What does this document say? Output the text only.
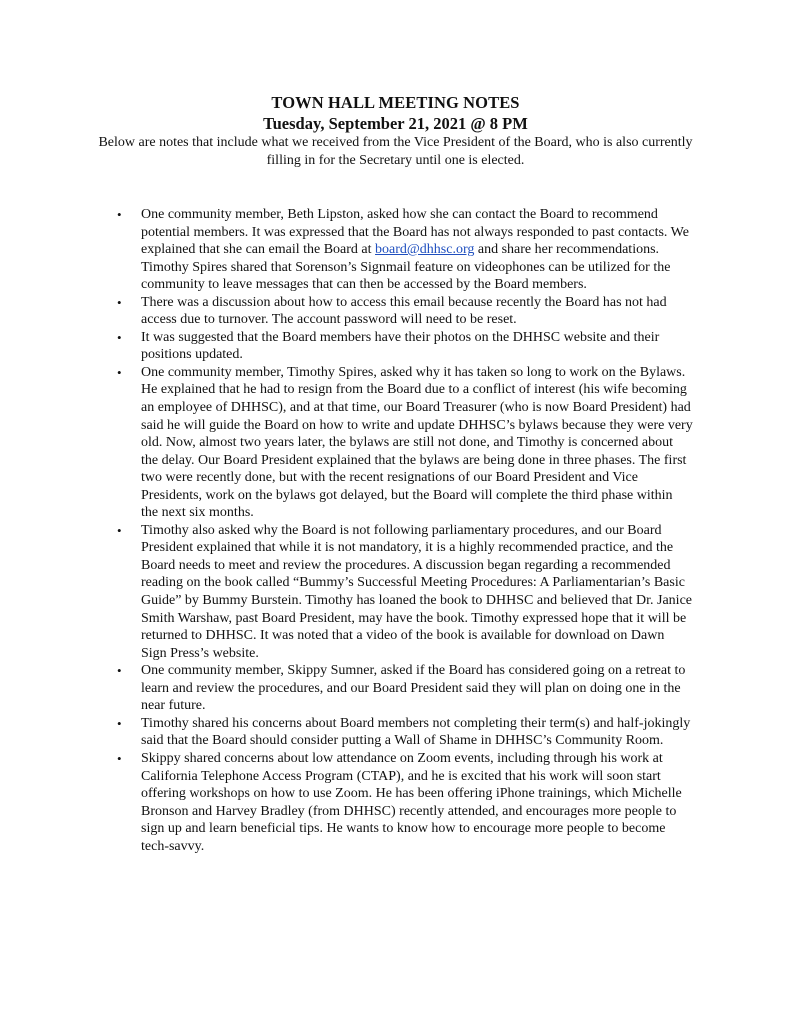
TOWN HALL MEETING NOTES
Tuesday, September 21, 2021 @ 8 PM
Below are notes that include what we received from the Vice President of the Board, who is also currently filling in for the Secretary until one is elected.
• One community member, Beth Lipston, asked how she can contact the Board to recommend potential members. It was expressed that the Board has not always responded to past contacts. We explained that she can email the Board at board@dhhsc.org and share her recommendations. Timothy Spires shared that Sorenson’s Signmail feature on videophones can be utilized for the community to leave messages that can then be accessed by the Board members.
• There was a discussion about how to access this email because recently the Board has not had access due to turnover. The account password will need to be reset.
• It was suggested that the Board members have their photos on the DHHSC website and their positions updated.
• One community member, Timothy Spires, asked why it has taken so long to work on the Bylaws. He explained that he had to resign from the Board due to a conflict of interest (his wife becoming an employee of DHHSC), and at that time, our Board Treasurer (who is now Board President) had said he will guide the Board on how to write and update DHHSC’s bylaws because they were very old. Now, almost two years later, the bylaws are still not done, and Timothy is concerned about the delay. Our Board President explained that the bylaws are being done in three phases. The first two were recently done, but with the recent resignations of our Board President and Vice Presidents, work on the bylaws got delayed, but the Board will complete the third phase within the next six months.
• Timothy also asked why the Board is not following parliamentary procedures, and our Board President explained that while it is not mandatory, it is a highly recommended practice, and the Board needs to meet and review the procedures. A discussion began regarding a recommended reading on the book called “Bummy’s Successful Meeting Procedures: A Parliamentarian’s Basic Guide” by Bummy Burstein. Timothy has loaned the book to DHHSC and believed that Dr. Janice Smith Warshaw, past Board President, may have the book. Timothy expressed hope that it will be returned to DHHSC. It was noted that a video of the book is available for download on Dawn Sign Press’s website.
• One community member, Skippy Sumner, asked if the Board has considered going on a retreat to learn and review the procedures, and our Board President said they will plan on doing one in the near future.
• Timothy shared his concerns about Board members not completing their term(s) and half-jokingly said that the Board should consider putting a Wall of Shame in DHHSC’s Community Room.
• Skippy shared concerns about low attendance on Zoom events, including through his work at California Telephone Access Program (CTAP), and he is excited that his work will soon start offering workshops on how to use Zoom. He has been offering iPhone trainings, which Michelle Bronson and Harvey Bradley (from DHHSC) recently attended, and encourages more people to sign up and learn beneficial tips. He wants to know how to encourage more people to become tech-savvy.
